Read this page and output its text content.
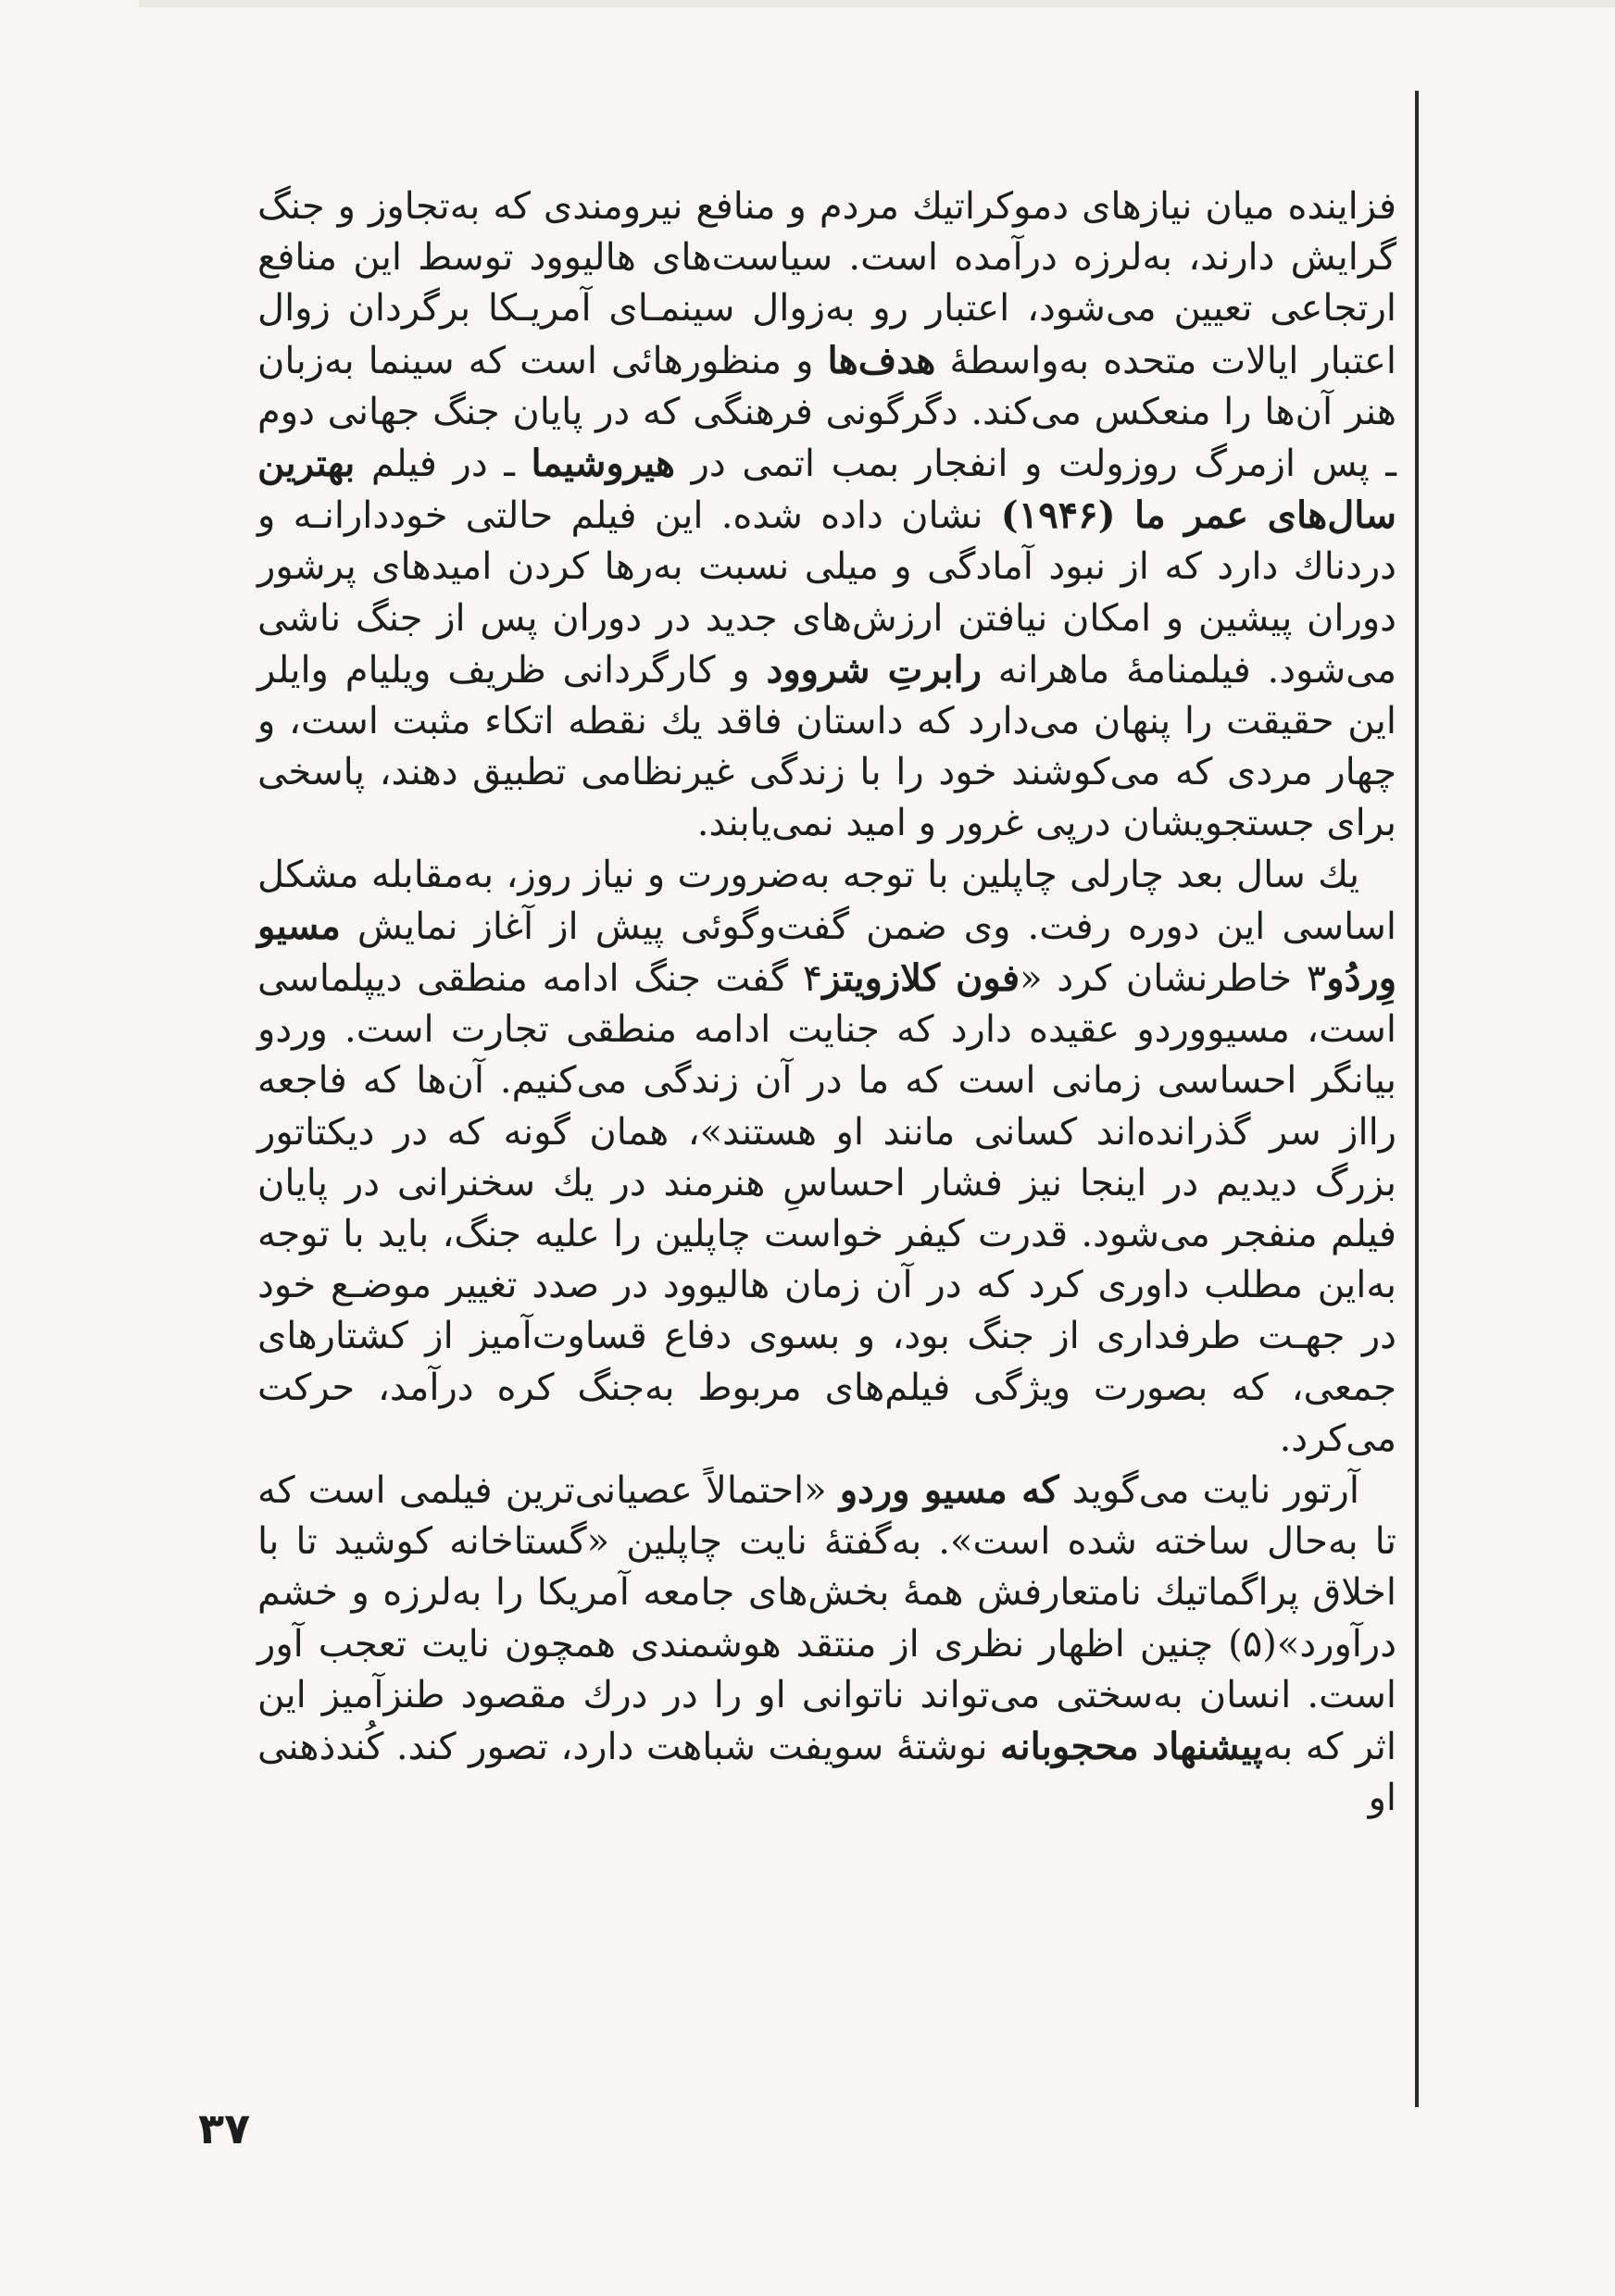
فزاینده میان نیازهای دموکراتیك مردم و منافع نیرومندی که به‌تجاوز و جنگ گرایش دارند، به‌لرزه درآمده است. سیاست‌های هالیوود توسط این منافع ارتجاعی تعیین می‌شود، اعتبار رو به‌زوال سینمـای آمریـکا برگردان زوال اعتبار ایالات متحده به‌واسطهٔ هدف‌ها و منظورهائی است که سینما به‌زبان هنر آن‌ها را منعکس می‌کند. دگرگونی فرهنگی که در پایان جنگ جهانی دوم ـ پس ازمرگ روزولت و انفجار بمب اتمی در هیروشیما ـ در فیلم بهترین سال‌های عمر ما (۱۹۴۶) نشان داده شده. این فیلم حالتی خوددارانـه و دردناك دارد که از نبود آمادگی و میلی نسبت به‌رها کردن امیدهای پرشور دوران پیشین و امکان نیافتن ارزش‌های جدید در دوران پس از جنگ ناشی می‌شود. فیلمنامهٔ ماهرانه رابرتِ شروود و کارگردانی ظریف ویلیام وایلر این حقیقت را پنهان می‌دارد که داستان فاقد یك نقطه اتکاء مثبت است، و چهار مردی که می‌کوشند خود را با زندگی غیرنظامی تطبیق دهند، پاسخی برای جستجویشان درپی غرور و امید نمی‌یابند.

یك سال بعد چارلی چاپلین با توجه به‌ضرورت و نیاز روز، به‌مقابله مشکل اساسی این دوره رفت. وی ضمن گفت‌وگوئی پیش از آغاز نمایش مسیو وِردُو۳ خاطرنشان کرد «فون کلازویتز۴ گفت جنگ ادامه منطقی دیپلماسی است، مسیووردو عقیده دارد که جنایت ادامه منطقی تجارت است. وردو بیانگر احساسی زمانی است که ما در آن زندگی می‌کنیم. آن‌ها که فاجعه رااز سر گذرانده‌اند کسانی مانند او هستند»، همان گونه که در دیکتاتور بزرگ دیدیم در اینجا نیز فشار احساسِ هنرمند در یك سخنرانی در پایان فیلم منفجر می‌شود. قدرت کیفر خواست چاپلین را علیه جنگ، باید با توجه به‌این مطلب داوری کرد که در آن زمان هالیوود در صدد تغییر موضـع خود در جهـت طرفداری از جنگ بود، و بسوی دفاع قساوت‌آمیز از کشتارهای جمعی، که بصورت ویژگی فیلم‌های مربوط به‌جنگ کره درآمد، حرکت می‌کرد.

آرتور نایت می‌گوید که مسیو وردو «احتمالاً عصیانی‌ترین فیلمی است که تا به‌حال ساخته شده است». به‌گفتهٔ نایت چاپلین «گستاخانه کوشید تا با اخلاق پراگماتیك نامتعارفش همهٔ بخش‌های جامعه آمریکا را به‌لرزه و خشم درآورد»(۵) چنین اظهار نظری از منتقد هوشمندی همچون نایت تعجب آور است. انسان به‌سختی می‌تواند ناتوانی او را در درك مقصود طنزآمیز این اثر که به‌پیشنهاد محجوبانه نوشتهٔ سویفت شباهت دارد، تصور کند. کُندذهنی او

۳۷
